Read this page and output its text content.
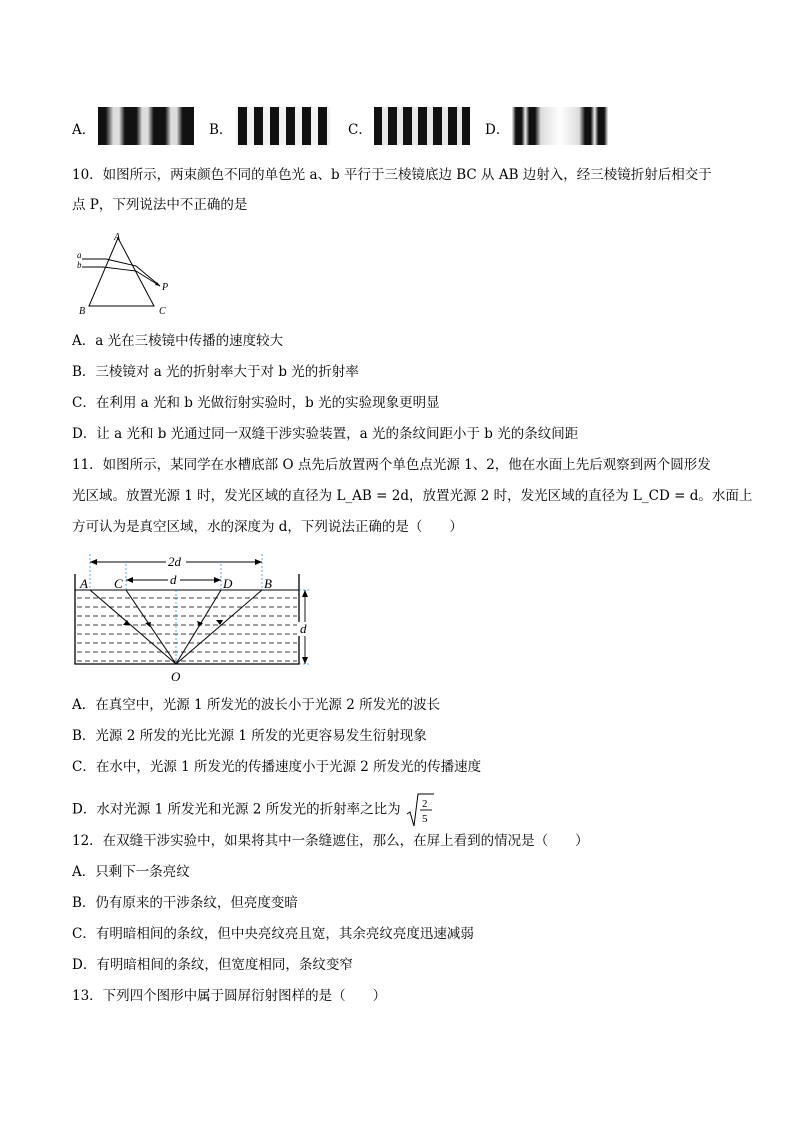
A．	B．	C．	D．
10．如图所示，两束颜色不同的单色光 a、b 平行于三棱镜底边 BC 从 AB 边射入，经三棱镜折射后相交于
点 P，下列说法中不正确的是
A
B	C
P
a
b
A．a 光在三棱镜中传播的速度较大
B．三棱镜对 a 光的折射率大于对 b 光的折射率
C．在利用 a 光和 b 光做衍射实验时，b 光的实验现象更明显
D．让 a 光和 b 光通过同一双缝干涉实验装置，a 光的条纹间距小于 b 光的条纹间距
11．如图所示，某同学在水槽底部 O 点先后放置两个单色点光源 1、2，他在水面上先后观察到两个圆形发
光区域。放置光源 1 时，发光区域的直径为 L_AB = 2d，放置光源 2 时，发光区域的直径为 L_CD = d。水面上
方可认为是真空区域，水的深度为 d，下列说法正确的是（　　）
2d
d
d
A C	D B
O
A．在真空中，光源 1 所发光的波长小于光源 2 所发光的波长
B．光源 2 所发的光比光源 1 所发的光更容易发生衍射现象
C．在水中，光源 1 所发光的传播速度小于光源 2 所发光的传播速度
D．水对光源 1 所发光和光源 2 所发光的折射率之比为 2
5
12．在双缝干涉实验中，如果将其中一条缝遮住，那么，在屏上看到的情况是（　　）
A．只剩下一条亮纹
B．仍有原来的干涉条纹，但亮度变暗
C．有明暗相间的条纹，但中央亮纹亮且宽，其余亮纹亮度迅速减弱
D．有明暗相间的条纹，但宽度相同，条纹变窄
13．下列四个图形中属于圆屏衍射图样的是（　　）
